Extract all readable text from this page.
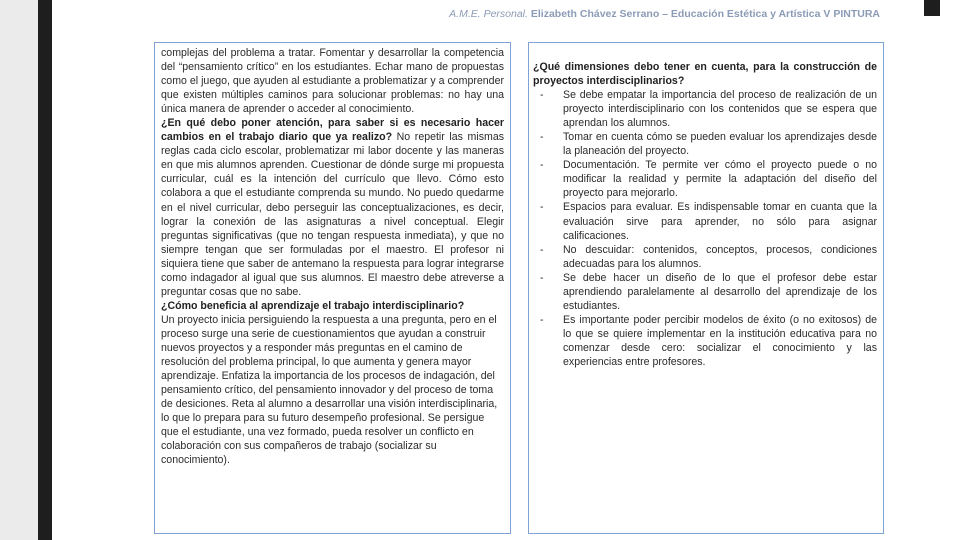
A.M.E. Personal. Elizabeth Chávez Serrano – Educación Estética y Artística V PINTURA

complejas del problema a tratar. Fomentar y desarrollar la competencia del “pensamiento crítico” en los estudiantes. Echar mano de propuestas como el juego, que ayuden al estudiante a problematizar y a comprender que existen múltiples caminos para solucionar problemas: no hay una única manera de aprender o acceder al conocimiento.

¿En qué debo poner atención, para saber si es necesario hacer cambios en el trabajo diario que ya realizo? No repetir las mismas reglas cada ciclo escolar, problematizar mi labor docente y las maneras en que mis alumnos aprenden. Cuestionar de dónde surge mi propuesta curricular, cuál es la intención del currículo que llevo. Cómo esto colabora a que el estudiante comprenda su mundo. No puedo quedarme en el nivel curricular, debo perseguir las conceptualizaciones, es decir, lograr la conexión de las asignaturas a nivel conceptual. Elegir preguntas significativas (que no tengan respuesta inmediata), y que no siempre tengan que ser formuladas por el maestro. El profesor ni siquiera tiene que saber de antemano la respuesta para lograr integrarse como indagador al igual que sus alumnos. El maestro debe atreverse a preguntar cosas que no sabe.

¿Cómo beneficia al aprendizaje el trabajo interdisciplinario?

Un proyecto inicia persiguiendo la respuesta a una pregunta, pero en el proceso surge una serie de cuestionamientos que ayudan a construir nuevos proyectos y a responder más preguntas en el camino de resolución del problema principal, lo que aumenta y genera mayor aprendizaje. Enfatiza la importancia de los procesos de indagación, del pensamiento crítico, del pensamiento innovador y del proceso de toma de desiciones. Reta al alumno a desarrollar una visión interdisciplinaria, lo que lo prepara para su futuro desempeño profesional. Se persigue que el estudiante, una vez formado, pueda resolver un conflicto en colaboración con sus compañeros de trabajo (socializar su conocimiento).

¿Qué dimensiones debo tener en cuenta, para la construcción de proyectos interdisciplinarios?

- Se debe empatar la importancia del proceso de realización de un proyecto interdisciplinario con los contenidos que se espera que aprendan los alumnos.
- Tomar en cuenta cómo se pueden evaluar los aprendizajes desde la planeación del proyecto.
- Documentación. Te permite ver cómo el proyecto puede o no modificar la realidad y permite la adaptación del diseño del proyecto para mejorarlo.
- Espacios para evaluar. Es indispensable tomar en cuanta que la evaluación sirve para aprender, no sólo para asignar calificaciones.
- No descuidar: contenidos, conceptos, procesos, condiciones adecuadas para los alumnos.
- Se debe hacer un diseño de lo que el profesor debe estar aprendiendo paralelamente al desarrollo del aprendizaje de los estudiantes.
- Es importante poder percibir modelos de éxito (o no exitosos) de lo que se quiere implementar en la institución educativa para no comenzar desde cero: socializar el conocimiento y las experiencias entre profesores.
